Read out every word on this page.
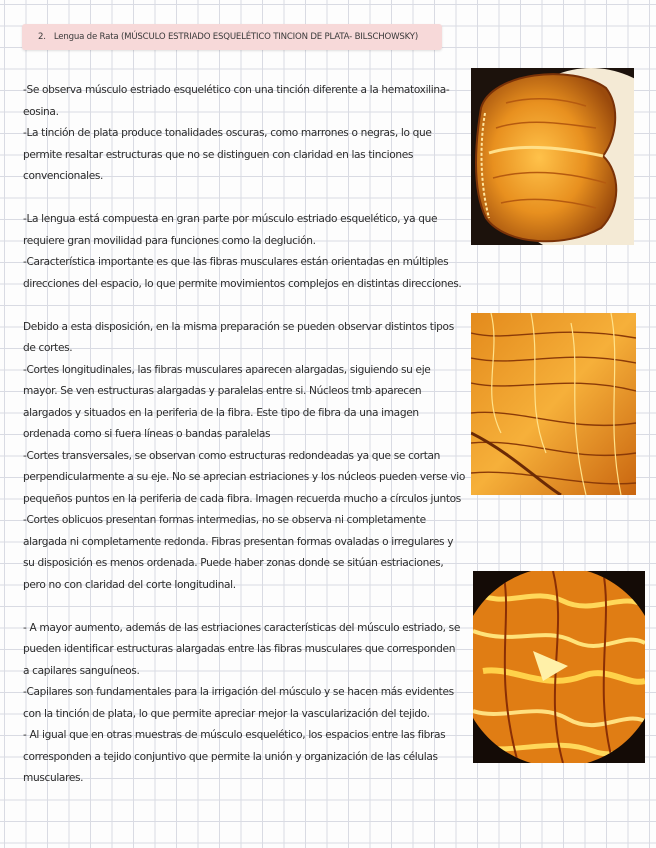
2. Lengua de Rata (MÚSCULO ESTRIADO ESQUELÉTICO TINCION DE PLATA- BILSCHOWSKY)

-Se observa músculo estriado esquelético con una tinción diferente a la hematoxilina-

eosina.

-La tinción de plata produce tonalidades oscuras, como marrones o negras, lo que

permite resaltar estructuras que no se distinguen con claridad en las tinciones

convencionales.

-La lengua está compuesta en gran parte por músculo estriado esquelético, ya que

requiere gran movilidad para funciones como la deglución.

-Característica importante es que las fibras musculares están orientadas en múltiples

direcciones del espacio, lo que permite movimientos complejos en distintas direcciones.

Debido a esta disposición, en la misma preparación se pueden observar distintos tipos

de cortes.

-Cortes longitudinales, las fibras musculares aparecen alargadas, siguiendo su eje

mayor. Se ven estructuras alargadas y paralelas entre si. Núcleos tmb aparecen

alargados y situados en la periferia de la fibra. Este tipo de fibra da una imagen

ordenada como si fuera líneas o bandas paralelas

-Cortes transversales, se observan como estructuras redondeadas ya que se cortan

perpendicularmente a su eje. No se aprecian estriaciones y los núcleos pueden verse vio

pequeños puntos en la periferia de cada fibra. Imagen recuerda mucho a círculos juntos

-Cortes oblicuos presentan formas intermedias, no se observa ni completamente

alargada ni completamente redonda. Fibras presentan formas ovaladas o irregulares y

su disposición es menos ordenada. Puede haber zonas donde se sitúan estriaciones,

pero no con claridad del corte longitudinal.

- A mayor aumento, además de las estriaciones características del músculo estriado, se

pueden identificar estructuras alargadas entre las fibras musculares que corresponden

a capilares sanguíneos.

-Capilares son fundamentales para la irrigación del músculo y se hacen más evidentes

con la tinción de plata, lo que permite apreciar mejor la vascularización del tejido.

- Al igual que en otras muestras de músculo esquelético, los espacios entre las fibras

corresponden a tejido conjuntivo que permite la unión y organización de las células

musculares.
